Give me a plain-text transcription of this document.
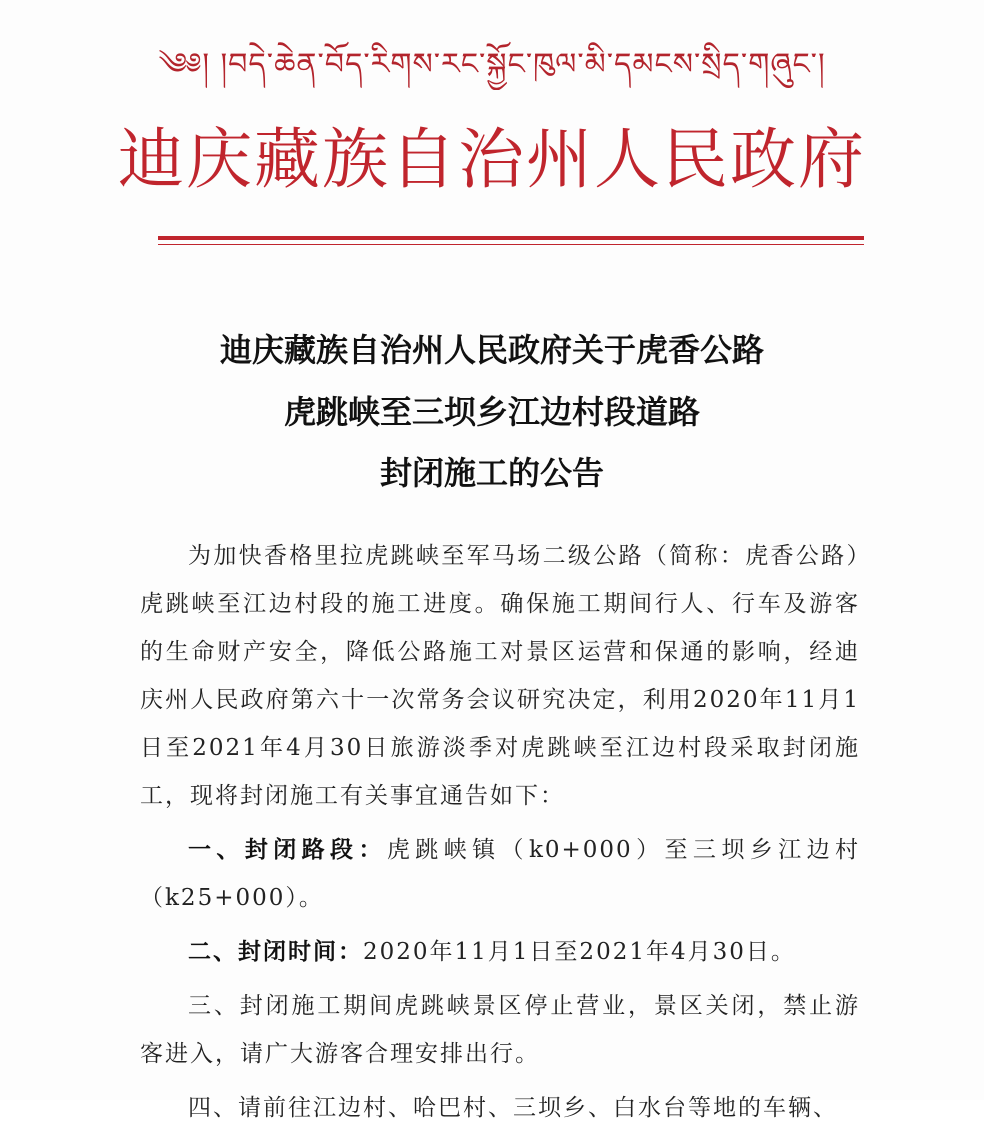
༄༅། །བདེ་ཆེན་བོད་རིགས་རང་སྐྱོང་ཁུལ་མི་དམངས་སྲིད་གཞུང་།
迪庆藏族自治州人民政府
迪庆藏族自治州人民政府关于虎香公路
虎跳峡至三坝乡江边村段道路
封闭施工的公告

为加快香格里拉虎跳峡至军马场二级公路（简称：虎香公路）虎跳峡至江边村段的施工进度。确保施工期间行人、行车及游客的生命财产安全，降低公路施工对景区运营和保通的影响，经迪庆州人民政府第六十一次常务会议研究决定，利用2020年11月1日至2021年4月30日旅游淡季对虎跳峡至江边村段采取封闭施工，现将封闭施工有关事宜通告如下：

一、封闭路段：虎跳峡镇（k0+000）至三坝乡江边村（k25+000）。

二、封闭时间：2020年11月1日至2021年4月30日。

三、封闭施工期间虎跳峡景区停止营业，景区关闭，禁止游客进入，请广大游客合理安排出行。

四、请前往江边村、哈巴村、三坝乡、白水台等地的车辆、
